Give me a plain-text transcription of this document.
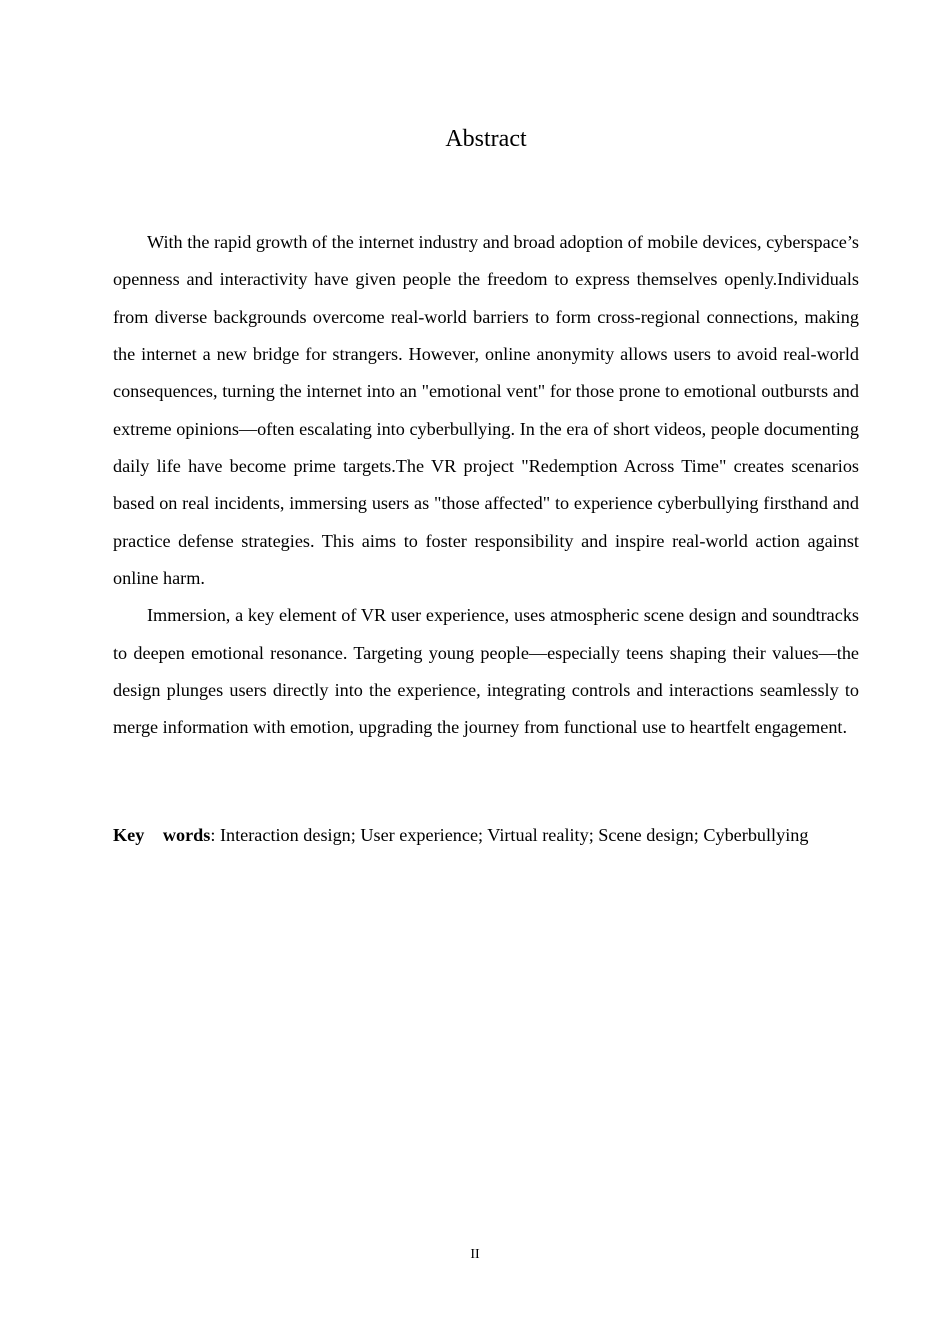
Abstract

With the rapid growth of the internet industry and broad adoption of mobile devices, cyberspace’s openness and interactivity have given people the freedom to express themselves openly.Individuals from diverse backgrounds overcome real-world barriers to form cross-regional connections, making the internet a new bridge for strangers. However, online anonymity allows users to avoid real-world consequences, turning the internet into an "emotional vent" for those prone to emotional outbursts and extreme opinions—often escalating into cyberbullying. In the era of short videos, people documenting daily life have become prime targets.The VR project "Redemption Across Time" creates scenarios based on real incidents, immersing users as "those affected" to experience cyberbullying firsthand and practice defense strategies. This aims to foster responsibility and inspire real-world action against online harm.

Immersion, a key element of VR user experience, uses atmospheric scene design and soundtracks to deepen emotional resonance. Targeting young people—especially teens shaping their values—the design plunges users directly into the experience, integrating controls and interactions seamlessly to merge information with emotion, upgrading the journey from functional use to heartfelt engagement.

Key words: Interaction design; User experience; Virtual reality; Scene design; Cyberbullying

II
